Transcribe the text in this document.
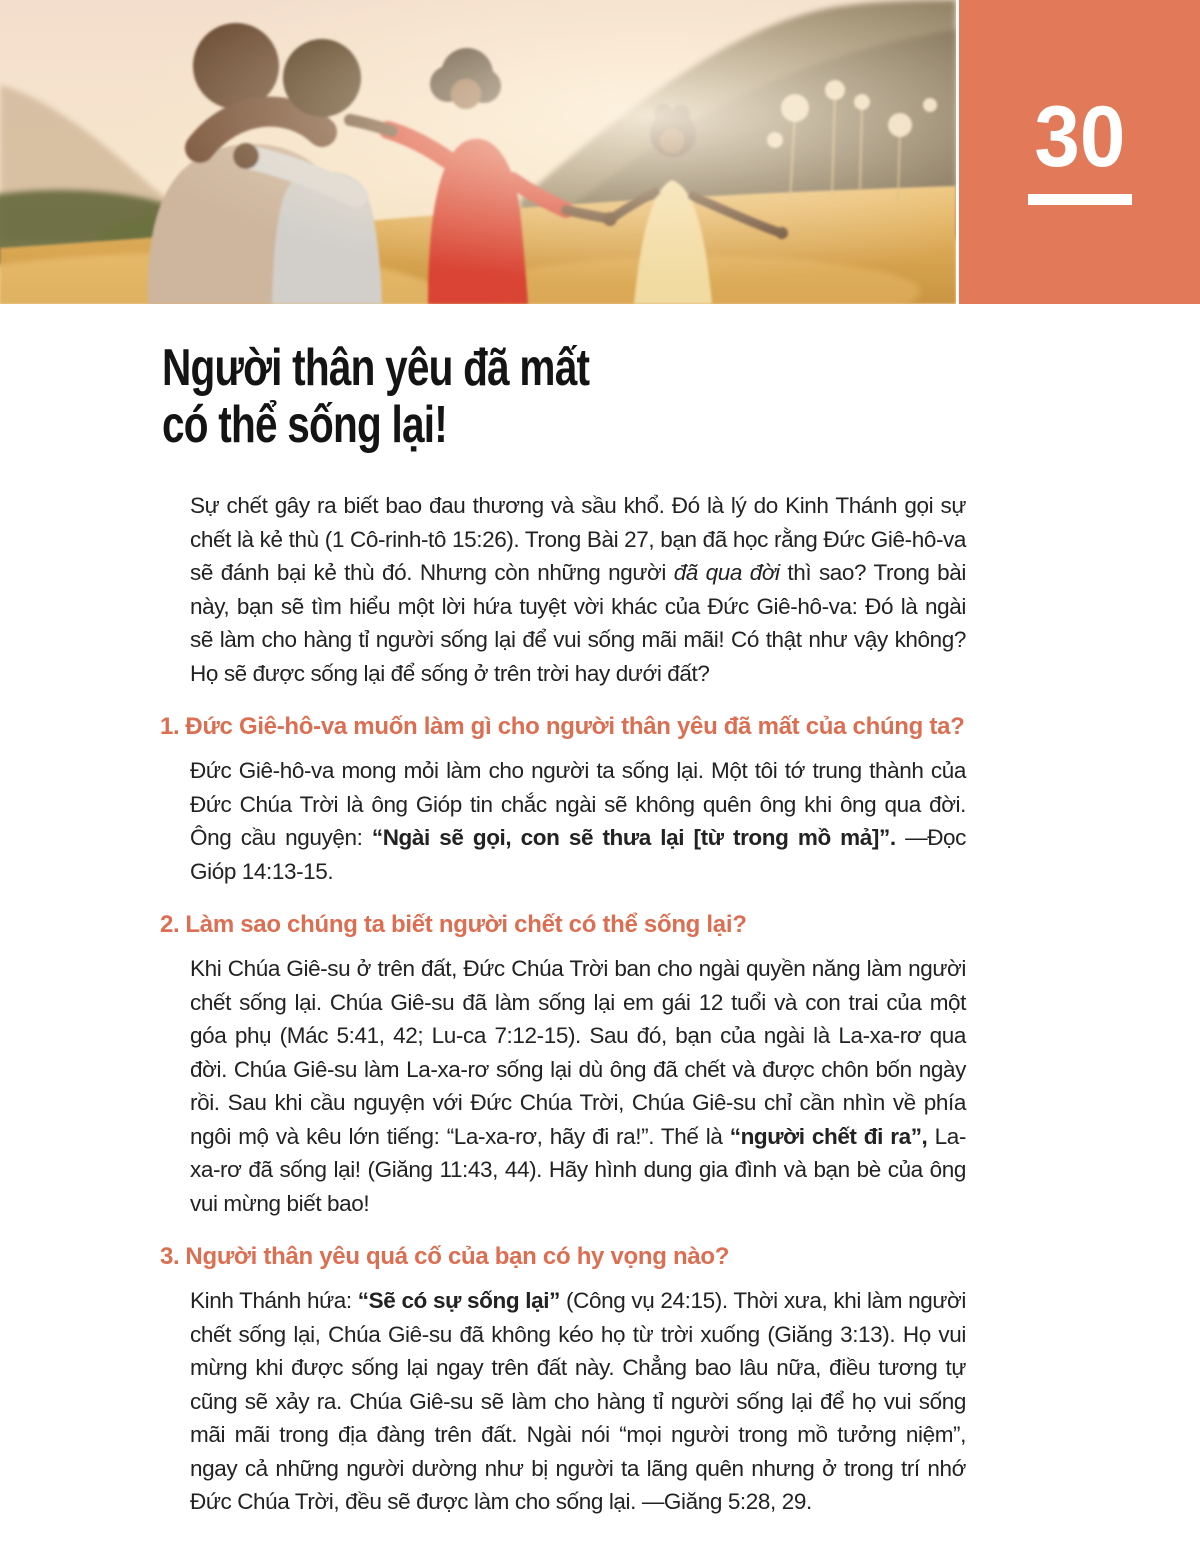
30
Người thân yêu đã mất
có thể sống lại!

Sự chết gây ra biết bao đau thương và sầu khổ. Đó là lý do Kinh Thánh gọi sự chết là kẻ thù (1 Cô-rinh-tô 15:26). Trong Bài 27, bạn đã học rằng Đức Giê-hô-va sẽ đánh bại kẻ thù đó. Nhưng còn những người đã qua đời thì sao? Trong bài này, bạn sẽ tìm hiểu một lời hứa tuyệt vời khác của Đức Giê-hô-va: Đó là ngài sẽ làm cho hàng tỉ người sống lại để vui sống mãi mãi! Có thật như vậy không? Họ sẽ được sống lại để sống ở trên trời hay dưới đất?

1. Đức Giê-hô-va muốn làm gì cho người thân yêu đã mất của chúng ta?

Đức Giê-hô-va mong mỏi làm cho người ta sống lại. Một tôi tớ trung thành của Đức Chúa Trời là ông Gióp tin chắc ngài sẽ không quên ông khi ông qua đời. Ông cầu nguyện: “Ngài sẽ gọi, con sẽ thưa lại [từ trong mồ mả]”. —Đọc Gióp 14:13-15.

2. Làm sao chúng ta biết người chết có thể sống lại?

Khi Chúa Giê-su ở trên đất, Đức Chúa Trời ban cho ngài quyền năng làm người chết sống lại. Chúa Giê-su đã làm sống lại em gái 12 tuổi và con trai của một góa phụ (Mác 5:41, 42; Lu-ca 7:12-15). Sau đó, bạn của ngài là La-xa-rơ qua đời. Chúa Giê-su làm La-xa-rơ sống lại dù ông đã chết và được chôn bốn ngày rồi. Sau khi cầu nguyện với Đức Chúa Trời, Chúa Giê-su chỉ cần nhìn về phía ngôi mộ và kêu lớn tiếng: “La-xa-rơ, hãy đi ra!”. Thế là “người chết đi ra”, La-xa-rơ đã sống lại! (Giăng 11:43, 44). Hãy hình dung gia đình và bạn bè của ông vui mừng biết bao!

3. Người thân yêu quá cố của bạn có hy vọng nào?

Kinh Thánh hứa: “Sẽ có sự sống lại” (Công vụ 24:15). Thời xưa, khi làm người chết sống lại, Chúa Giê-su đã không kéo họ từ trời xuống (Giăng 3:13). Họ vui mừng khi được sống lại ngay trên đất này. Chẳng bao lâu nữa, điều tương tự cũng sẽ xảy ra. Chúa Giê-su sẽ làm cho hàng tỉ người sống lại để họ vui sống mãi mãi trong địa đàng trên đất. Ngài nói “mọi người trong mồ tưởng niệm”, ngay cả những người dường như bị người ta lãng quên nhưng ở trong trí nhớ Đức Chúa Trời, đều sẽ được làm cho sống lại. —Giăng 5:28, 29.
